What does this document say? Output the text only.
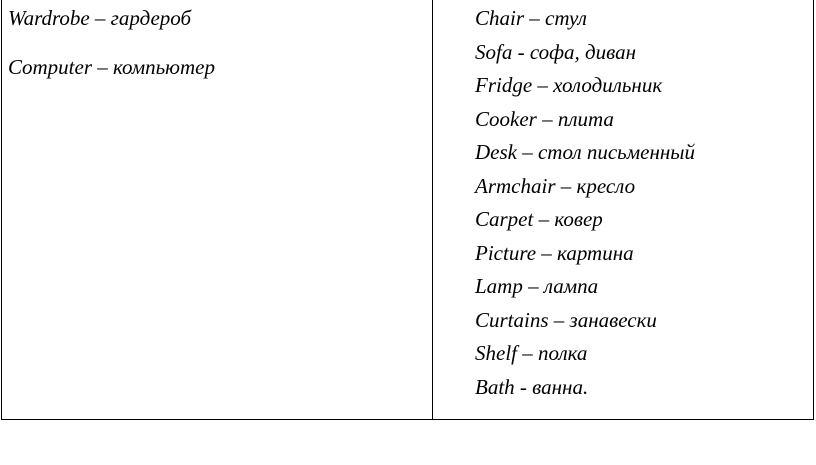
Wardrobe – гардероб
Computer – компьютер
Chair – стул
Sofa - софа, диван
Fridge – холодильник
Cooker – плита
Desk – стол письменный
Armchair – кресло
Carpet – ковер
Picture – картина
Lamp – лампа
Curtains – занавески
Shelf – полка
Bath - ванна.
